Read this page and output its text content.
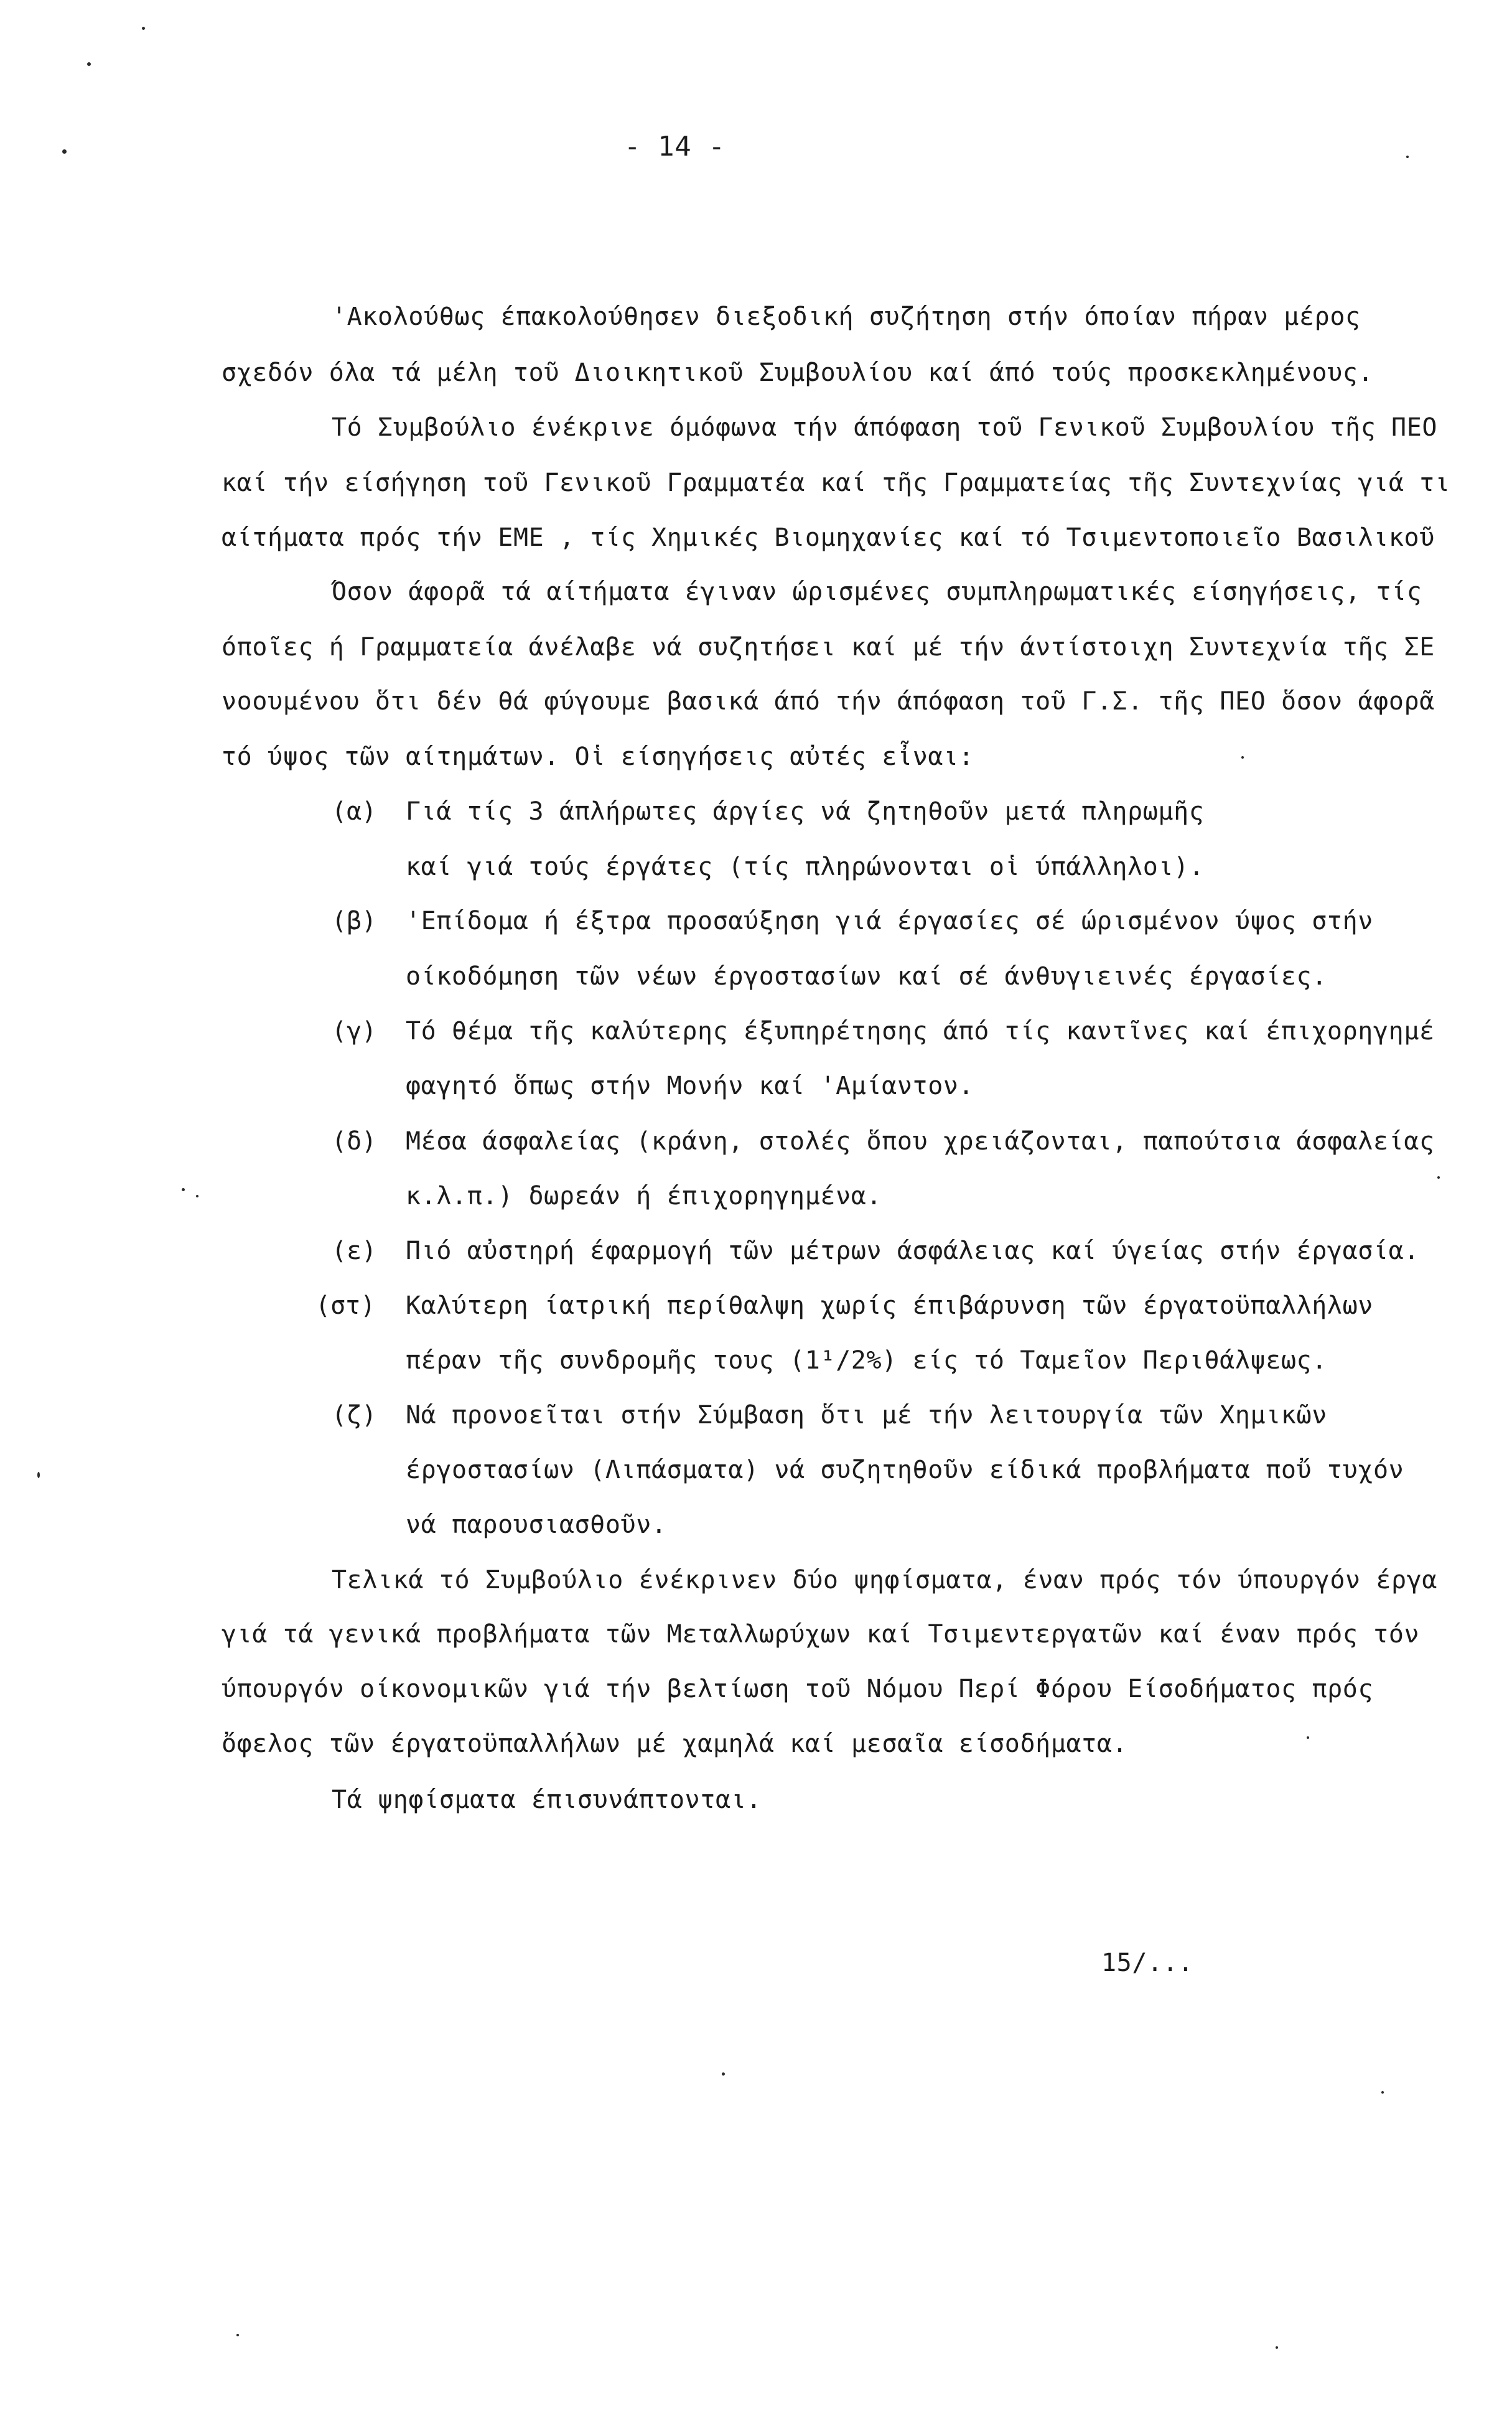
- 14 -
'Ακολούθως έπακολούθησεν διεξοδική συζήτηση στήν όποίαν πήραν μέρος
σχεδόν όλα τά μέλη τοῦ Διοικητικοῦ Συμβουλίου καί άπό τούς προσκεκλημένους.
Τό Συμβούλιο ένέκρινε όμόφωνα τήν άπόφαση τοῦ Γενικοῦ Συμβουλίου τῆς ΠΕΟ
καί τήν είσήγηση τοῦ Γενικοῦ Γραμματέα καί τῆς Γραμματείας τῆς Συντεχνίας γιά τι
αίτήματα πρός τήν ΕΜΕ , τίς Χημικές Βιομηχανίες καί τό Τσιμεντοποιεῖο Βασιλικοῦ
Όσον άφορᾶ τά αίτήματα έγιναν ώρισμένες συμπληρωματικές είσηγήσεις, τίς
όποῖες ή Γραμματεία άνέλαβε νά συζητήσει καί μέ τήν άντίστοιχη Συντεχνία τῆς ΣΕ
νοουμένου ὅτι δέν θά φύγουμε βασικά άπό τήν άπόφαση τοῦ Γ.Σ. τῆς ΠΕΟ ὅσον άφορᾶ
τό ύψος τῶν αίτημάτων. Οἱ είσηγήσεις αὐτές εἶναι:
(α) Γιά τίς 3 άπλήρωτες άργίες νά ζητηθοῦν μετά πληρωμῆς
καί γιά τούς έργάτες (τίς πληρώνονται οἱ ύπάλληλοι).
(β) 'Επίδομα ή έξτρα προσαύξηση γιά έργασίες σέ ώρισμένον ύψος στήν
οίκοδόμηση τῶν νέων έργοστασίων καί σέ άνθυγιεινές έργασίες.
(γ) Τό θέμα τῆς καλύτερης έξυπηρέτησης άπό τίς καντῖνες καί έπιχορηγημέ
φαγητό ὅπως στήν Μονήν καί 'Αμίαντον.
(δ) Μέσα άσφαλείας (κράνη, στολές ὅπου χρειάζονται, παπούτσια άσφαλείας
κ.λ.π.) δωρεάν ή έπιχορηγημένα.
(ε) Πιό αὐστηρή έφαρμογή τῶν μέτρων άσφάλειας καί ύγείας στήν έργασία.
(στ) Καλύτερη ίατρική περίθαλψη χωρίς έπιβάρυνση τῶν έργατοϋπαλλήλων
πέραν τῆς συνδρομῆς τους (1¹/2%) είς τό Ταμεῖον Περιθάλψεως.
(ζ) Νά προνοεῖται στήν Σύμβαση ὅτι μέ τήν λειτουργία τῶν Χημικῶν
έργοστασίων (Λιπάσματα) νά συζητηθοῦν είδικά προβλήματα ποὔ τυχόν
νά παρουσιασθοῦν.
Τελικά τό Συμβούλιο ένέκρινεν δύο ψηφίσματα, έναν πρός τόν ύπουργόν έργα
γιά τά γενικά προβλήματα τῶν Μεταλλωρύχων καί Τσιμεντεργατῶν καί έναν πρός τόν
ύπουργόν οίκονομικῶν γιά τήν βελτίωση τοῦ Νόμου Περί Φόρου Είσοδήματος πρός
ὄφελος τῶν έργατοϋπαλλήλων μέ χαμηλά καί μεσαῖα είσοδήματα.
Τά ψηφίσματα έπισυνάπτονται.
15/...
